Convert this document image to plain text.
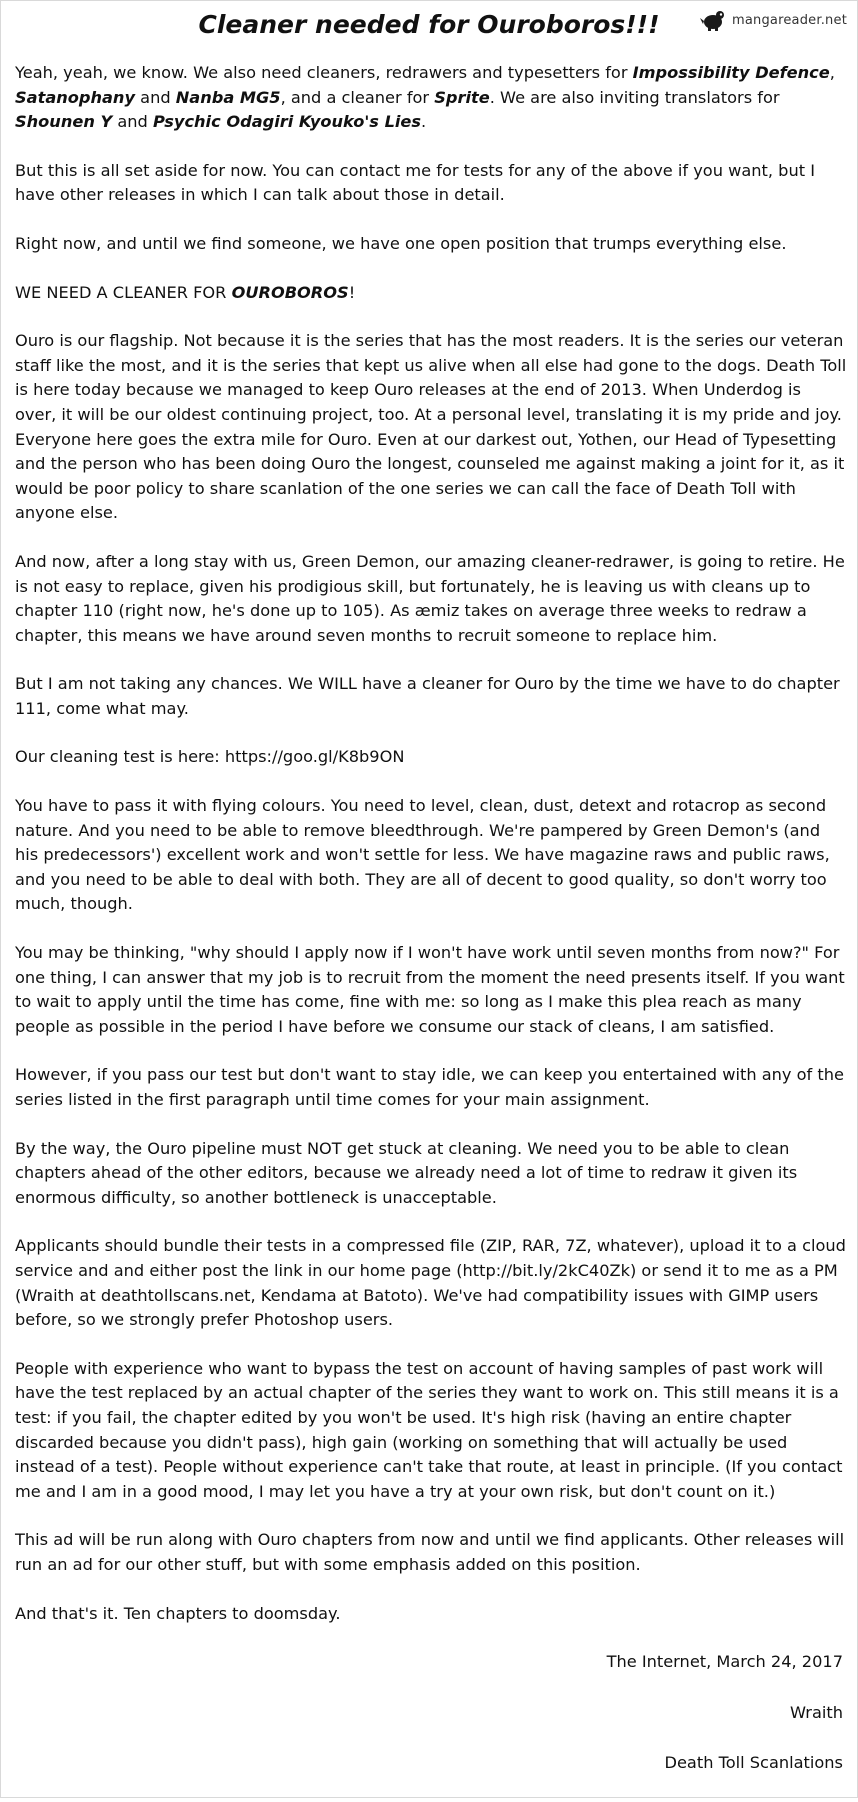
Cleaner needed for Ouroboros!!!	mangareader.net

Yeah, yeah, we know. We also need cleaners, redrawers and typesetters for Impossibility Defence, Satanophany and Nanba MG5, and a cleaner for Sprite. We are also inviting translators for Shounen Y and Psychic Odagiri Kyouko's Lies.

But this is all set aside for now. You can contact me for tests for any of the above if you want, but I have other releases in which I can talk about those in detail.

Right now, and until we find someone, we have one open position that trumps everything else.

WE NEED A CLEANER FOR OUROBOROS!

Ouro is our flagship. Not because it is the series that has the most readers. It is the series our veteran staff like the most, and it is the series that kept us alive when all else had gone to the dogs. Death Toll is here today because we managed to keep Ouro releases at the end of 2013. When Underdog is over, it will be our oldest continuing project, too. At a personal level, translating it is my pride and joy. Everyone here goes the extra mile for Ouro. Even at our darkest out, Yothen, our Head of Typesetting and the person who has been doing Ouro the longest, counseled me against making a joint for it, as it would be poor policy to share scanlation of the one series we can call the face of Death Toll with anyone else.

And now, after a long stay with us, Green Demon, our amazing cleaner-redrawer, is going to retire. He is not easy to replace, given his prodigious skill, but fortunately, he is leaving us with cleans up to chapter 110 (right now, he's done up to 105). As æmiz takes on average three weeks to redraw a chapter, this means we have around seven months to recruit someone to replace him.

But I am not taking any chances. We WILL have a cleaner for Ouro by the time we have to do chapter 111, come what may.

Our cleaning test is here: https://goo.gl/K8b9ON

You have to pass it with flying colours. You need to level, clean, dust, detext and rotacrop as second nature. And you need to be able to remove bleedthrough. We're pampered by Green Demon's (and his predecessors') excellent work and won't settle for less. We have magazine raws and public raws, and you need to be able to deal with both. They are all of decent to good quality, so don't worry too much, though.

You may be thinking, "why should I apply now if I won't have work until seven months from now?" For one thing, I can answer that my job is to recruit from the moment the need presents itself. If you want to wait to apply until the time has come, fine with me: so long as I make this plea reach as many people as possible in the period I have before we consume our stack of cleans, I am satisfied.

However, if you pass our test but don't want to stay idle, we can keep you entertained with any of the series listed in the first paragraph until time comes for your main assignment.

By the way, the Ouro pipeline must NOT get stuck at cleaning. We need you to be able to clean chapters ahead of the other editors, because we already need a lot of time to redraw it given its enormous difficulty, so another bottleneck is unacceptable.

Applicants should bundle their tests in a compressed file (ZIP, RAR, 7Z, whatever), upload it to a cloud service and and either post the link in our home page (http://bit.ly/2kC40Zk) or send it to me as a PM (Wraith at deathtollscans.net, Kendama at Batoto). We've had compatibility issues with GIMP users before, so we strongly prefer Photoshop users.

People with experience who want to bypass the test on account of having samples of past work will have the test replaced by an actual chapter of the series they want to work on. This still means it is a test: if you fail, the chapter edited by you won't be used. It's high risk (having an entire chapter discarded because you didn't pass), high gain (working on something that will actually be used instead of a test). People without experience can't take that route, at least in principle. (If you contact me and I am in a good mood, I may let you have a try at your own risk, but don't count on it.)

This ad will be run along with Ouro chapters from now and until we find applicants. Other releases will run an ad for our other stuff, but with some emphasis added on this position.

And that's it. Ten chapters to doomsday.

The Internet, March 24, 2017

Wraith

Death Toll Scanlations
